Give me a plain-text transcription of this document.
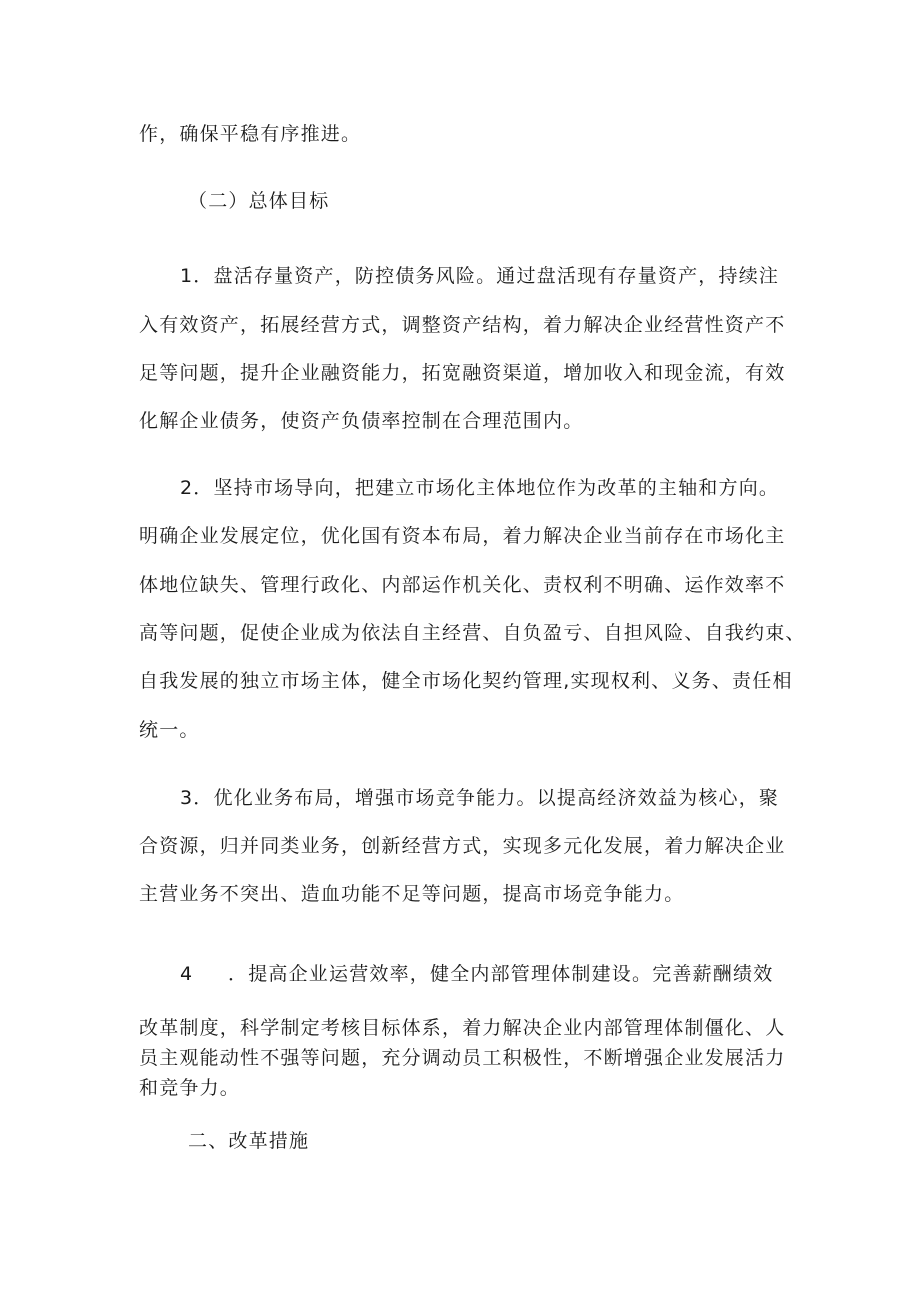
作，确保平稳有序推进。
（二）总体目标
1．盘活存量资产，防控债务风险。通过盘活现有存量资产，持续注
入有效资产，拓展经营方式，调整资产结构，着力解决企业经营性资产不
足等问题，提升企业融资能力，拓宽融资渠道，增加收入和现金流，有效
化解企业债务，使资产负债率控制在合理范围内。
2．坚持市场导向，把建立市场化主体地位作为改革的主轴和方向。
明确企业发展定位，优化国有资本布局，着力解决企业当前存在市场化主
体地位缺失、管理行政化、内部运作机关化、责权利不明确、运作效率不
高等问题，促使企业成为依法自主经营、自负盈亏、自担风险、自我约束、
自我发展的独立市场主体，健全市场化契约管理,实现权利、义务、责任相
统一。
3．优化业务布局，增强市场竞争能力。以提高经济效益为核心，聚
合资源，归并同类业务，创新经营方式，实现多元化发展，着力解决企业
主营业务不突出、造血功能不足等问题，提高市场竞争能力。
4 ．提高企业运营效率，健全内部管理体制建设。完善薪酬绩效
改革制度，科学制定考核目标体系，着力解决企业内部管理体制僵化、人
员主观能动性不强等问题，充分调动员工积极性，不断增强企业发展活力
和竞争力。
二、改革措施
